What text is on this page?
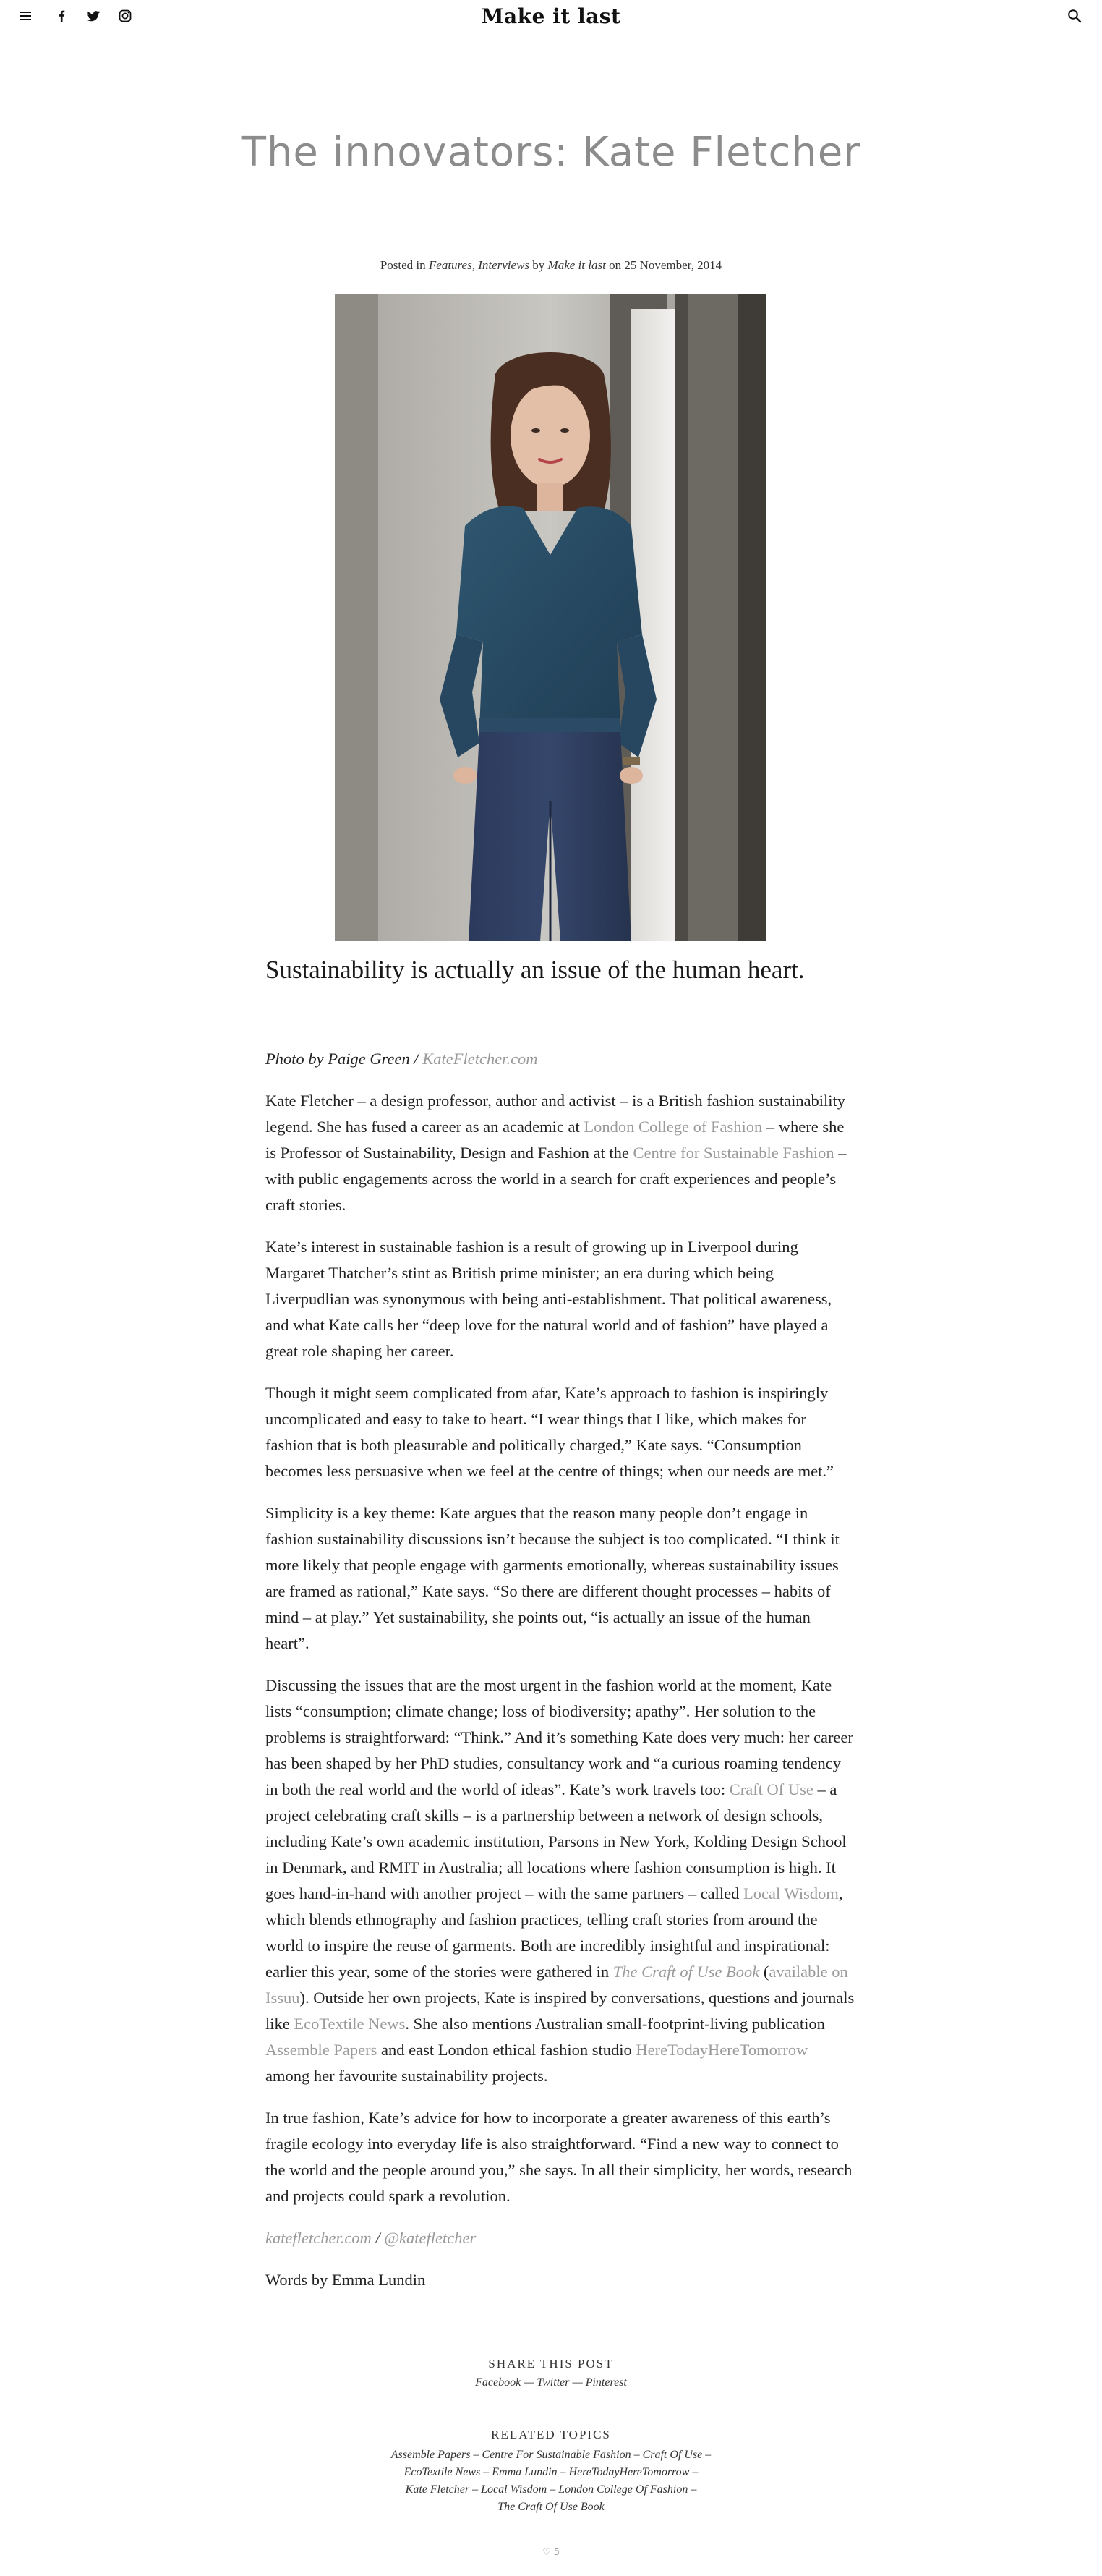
Make it last
The innovators: Kate Fletcher
Posted in Features, Interviews by Make it last on 25 November, 2014
Sustainability is actually an issue of the human heart.

Photo by Paige Green / KateFletcher.com

Kate Fletcher – a design professor, author and activist – is a British fashion sustainability legend. She has fused a career as an academic at London College of Fashion – where she is Professor of Sustainability, Design and Fashion at the Centre for Sustainable Fashion – with public engagements across the world in a search for craft experiences and people’s craft stories.

Kate’s interest in sustainable fashion is a result of growing up in Liverpool during Margaret Thatcher’s stint as British prime minister; an era during which being Liverpudlian was synonymous with being anti-establishment. That political awareness, and what Kate calls her “deep love for the natural world and of fashion” have played a great role shaping her career.

Though it might seem complicated from afar, Kate’s approach to fashion is inspiringly uncomplicated and easy to take to heart. “I wear things that I like, which makes for fashion that is both pleasurable and politically charged,” Kate says. “Consumption becomes less persuasive when we feel at the centre of things; when our needs are met.”

Simplicity is a key theme: Kate argues that the reason many people don’t engage in fashion sustainability discussions isn’t because the subject is too complicated. “I think it more likely that people engage with garments emotionally, whereas sustainability issues are framed as rational,” Kate says. “So there are different thought processes – habits of mind – at play.” Yet sustainability, she points out, “is actually an issue of the human heart”.

Discussing the issues that are the most urgent in the fashion world at the moment, Kate lists “consumption; climate change; loss of biodiversity; apathy”. Her solution to the problems is straightforward: “Think.” And it’s something Kate does very much: her career has been shaped by her PhD studies, consultancy work and “a curious roaming tendency in both the real world and the world of ideas”. Kate’s work travels too: Craft Of Use – a project celebrating craft skills – is a partnership between a network of design schools, including Kate’s own academic institution, Parsons in New York, Kolding Design School in Denmark, and RMIT in Australia; all locations where fashion consumption is high. It goes hand-in-hand with another project – with the same partners – called Local Wisdom, which blends ethnography and fashion practices, telling craft stories from around the world to inspire the reuse of garments. Both are incredibly insightful and inspirational: earlier this year, some of the stories were gathered in The Craft of Use Book (available on Issuu). Outside her own projects, Kate is inspired by conversations, questions and journals like EcoTextile News. She also mentions Australian small-footprint-living publication Assemble Papers and east London ethical fashion studio HereTodayHereTomorrow among her favourite sustainability projects.

In true fashion, Kate’s advice for how to incorporate a greater awareness of this earth’s fragile ecology into everyday life is also straightforward. “Find a new way to connect to the world and the people around you,” she says. In all their simplicity, her words, research and projects could spark a revolution.

katefletcher.com / @katefletcher

Words by Emma Lundin

SHARE THIS POST
Facebook — Twitter — Pinterest
RELATED TOPICS
Assemble Papers – Centre For Sustainable Fashion – Craft Of Use –
EcoTextile News – Emma Lundin – HereTodayHereTomorrow –
Kate Fletcher – Local Wisdom – London College Of Fashion –
The Craft Of Use Book
♡ 5
